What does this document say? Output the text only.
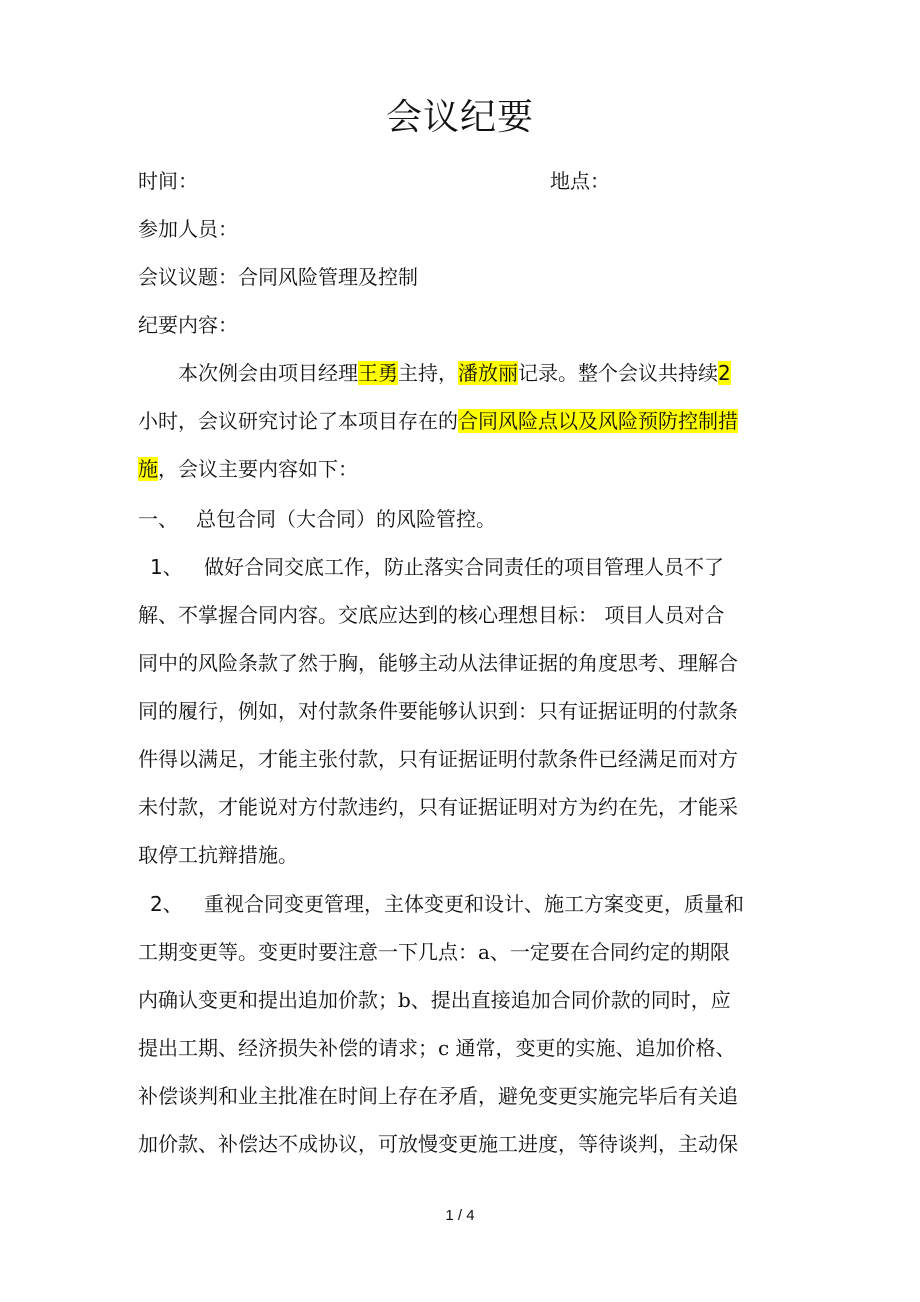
会议纪要
时间：	地点：
参加人员：
会议议题：合同风险管理及控制
纪要内容：
本次例会由项目经理王勇主持，潘放丽记录。整个会议共持续2
小时，会议研究讨论了本项目存在的合同风险点以及风险预防控制措
施，会议主要内容如下：
一、 总包合同（大合同）的风险管控。
1、 做好合同交底工作，防止落实合同责任的项目管理人员不了
解、不掌握合同内容。交底应达到的核心理想目标： 项目人员对合
同中的风险条款了然于胸，能够主动从法律证据的角度思考、理解合
同的履行，例如，对付款条件要能够认识到：只有证据证明的付款条
件得以满足，才能主张付款，只有证据证明付款条件已经满足而对方
未付款，才能说对方付款违约，只有证据证明对方为约在先，才能采
取停工抗辩措施。
2、 重视合同变更管理，主体变更和设计、施工方案变更，质量和
工期变更等。变更时要注意一下几点：a、一定要在合同约定的期限
内确认变更和提出追加价款；b、提出直接追加合同价款的同时，应
提出工期、经济损失补偿的请求；c 通常，变更的实施、追加价格、
补偿谈判和业主批准在时间上存在矛盾，避免变更实施完毕后有关追
加价款、补偿达不成协议，可放慢变更施工进度，等待谈判，主动保
1 / 4
